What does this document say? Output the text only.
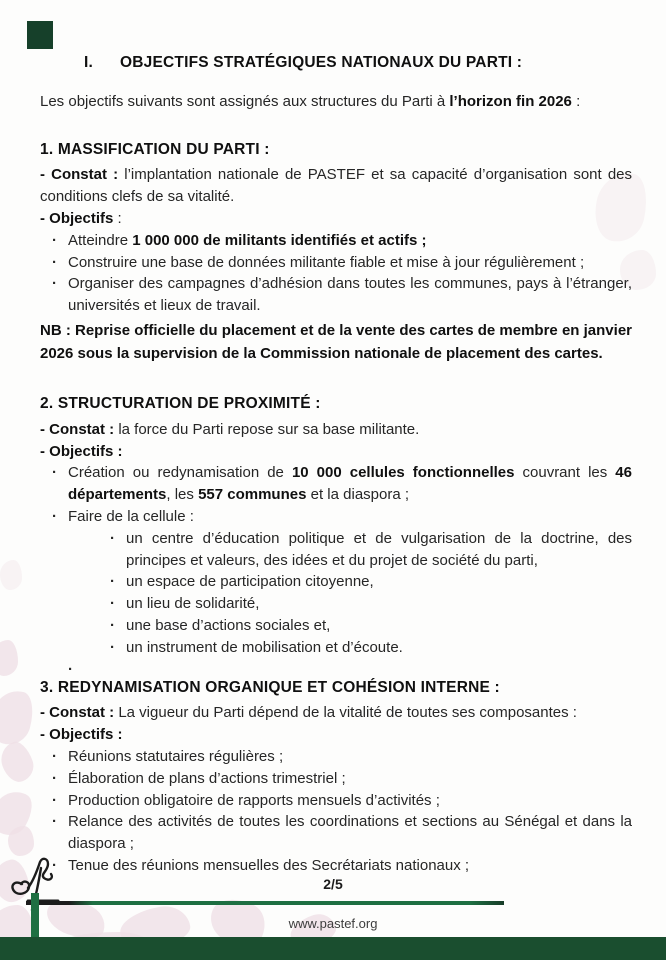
I. OBJECTIFS STRATÉGIQUES NATIONAUX DU PARTI :
Les objectifs suivants sont assignés aux structures du Parti à l’horizon fin 2026 :
1. MASSIFICATION DU PARTI :
- Constat : l’implantation nationale de PASTEF et sa capacité d’organisation sont des conditions clefs de sa vitalité.
- Objectifs :
· Atteindre 1 000 000 de militants identifiés et actifs ;
· Construire une base de données militante fiable et mise à jour régulièrement ;
· Organiser des campagnes d’adhésion dans toutes les communes, pays à l’étranger, universités et lieux de travail.
NB : Reprise officielle du placement et de la vente des cartes de membre en janvier 2026 sous la supervision de la Commission nationale de placement des cartes.
2. STRUCTURATION DE PROXIMITÉ :
- Constat : la force du Parti repose sur sa base militante.
- Objectifs :
· Création ou redynamisation de 10 000 cellules fonctionnelles couvrant les 46 départements, les 557 communes et la diaspora ;
· Faire de la cellule :
· un centre d’éducation politique et de vulgarisation de la doctrine, des principes et valeurs, des idées et du projet de société du parti,
· un espace de participation citoyenne,
· un lieu de solidarité,
· une base d’actions sociales et,
· un instrument de mobilisation et d’écoute.
·
3. REDYNAMISATION ORGANIQUE ET COHÉSION INTERNE :
- Constat : La vigueur du Parti dépend de la vitalité de toutes ses composantes :
- Objectifs :
· Réunions statutaires régulières ;
· Élaboration de plans d’actions trimestriel ;
· Production obligatoire de rapports mensuels d’activités ;
· Relance des activités de toutes les coordinations et sections au Sénégal et dans la diaspora ;
· Tenue des réunions mensuelles des Secrétariats nationaux ;
2/5
www.pastef.org
